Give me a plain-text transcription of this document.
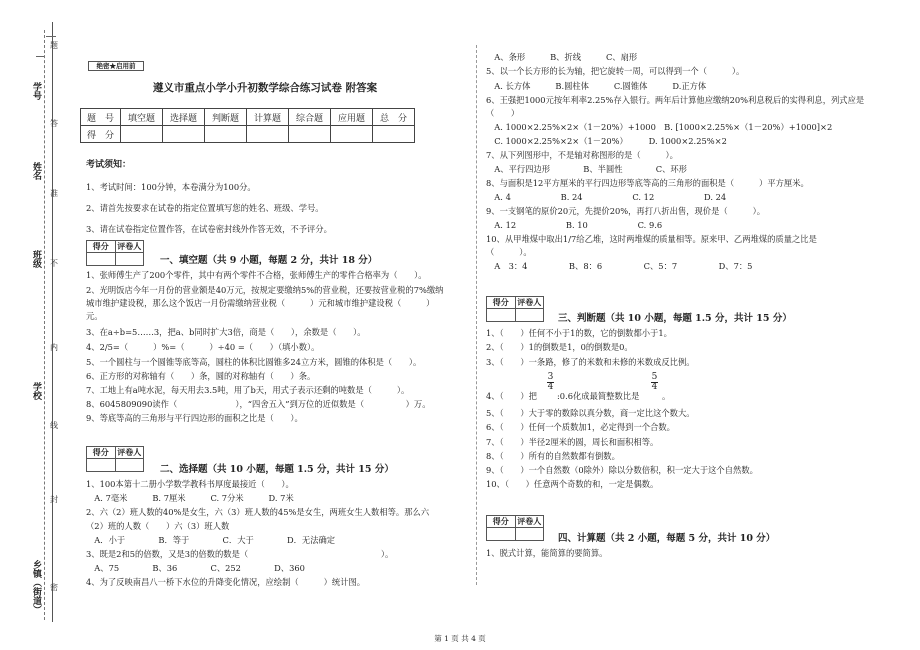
学号
姓名
班级
学校
乡镇（街道）
题
答
准
不
内
线
封
密
绝密★启用前
遵义市重点小学小升初数学综合练习试卷 附答案
题　号	填空题	选择题	判断题	计算题	综合题	应用题	总　分
得　分							
考试须知：
1、考试时间：100分钟，本卷满分为100分。
2、请首先按要求在试卷的指定位置填写您的姓名、班级、学号。
3、请在试卷指定位置作答，在试卷密封线外作答无效，不予评分。
得分	评卷人
一、填空题（共 9 小题，每题 2 分，共计 18 分）
1、张师傅生产了200个零件，其中有两个零件不合格，张师傅生产的零件合格率为（　　）。
2、光明饭店今年一月份的营业额是40万元，按规定要缴纳5%的营业税，还要按营业税的7%缴纳
城市维护建设税，那么这个饭店一月份需缴纳营业税（　　　）元和城市维护建设税（　　　）
元。
3、在a÷b=5……3，把a、b同时扩大3倍，商是（　　），余数是（　　）。
4、2/5=（　　　）%=（　　　）÷40 =（　　）（填小数）。
5、一个圆柱与一个圆锥等底等高，圆柱的体积比圆锥多24立方米，圆锥的体积是（　　）。
6、正方形的对称轴有（　　）条，圆的对称轴有（　　）条。
7、工地上有a吨水泥，每天用去3.5吨，用了b天，用式子表示还剩的吨数是（　　　）。
8、6045809090读作（　　　　　　　），“四舍五入”到万位的近似数是（　　　　　）万。
9、等底等高的三角形与平行四边形的面积之比是（　　）。
得分	评卷人
二、选择题（共 10 小题，每题 1.5 分，共计 15 分）
1、100本第十二册小学数学教科书厚度最接近（　　）。
　A. 7毫米　　　B. 7厘米　　　C. 7分米　　　D. 7米
2、六（2）班人数的40%是女生，六（3）班人数的45%是女生，两班女生人数相等。那么六
（2）班的人数（　　）六（3）班人数
　A．小于　　　　B．等于　　　　C．大于　　　　D．无法确定
3、既是2和5的倍数，又是3的倍数的数是（　　　　　　　　　　　　　　　　）。
　A、75　　　　B、36　　　　C、252　　　　D、360
4、为了反映南昌八一桥下水位的升降变化情况，应绘制（　　　）统计图。
　A、条形　　　B、折线　　　C、扇形
5、以一个长方形的长为轴，把它旋转一周，可以得到一个（　　　）。
　A. 长方体　　　B.圆柱体　　　C.圆锥体　　　D.正方体
6、王强把1000元按年利率2.25%存入银行。两年后计算他应缴纳20%利息税后的实得利息，列式应是
（　　）
　A. 1000×2.25%×2×（1－20%）+1000　B. [1000×2.25%×（1－20%）+1000]×2
　C. 1000×2.25%×2×（1－20%）　　　D. 1000×2.25%×2
7、从下列图形中，不是轴对称图形的是（　　　）。
　A、平行四边形　　　　B、半圆性　　　　C、环形
8、与面积是12平方厘米的平行四边形等底等高的三角形的面积是（　　　）平方厘米。
　A. 4　　　　　　B. 24　　　　　　C. 12　　　　　　D. 24
9、一支钢笔的原价20元，先提价20%，再打八折出售，现价是（　　　）。
　A. 12　　　　　　B. 10　　　　　　C. 9.6
10、从甲堆煤中取出1/7给乙堆，这时两堆煤的质量相等。原来甲、乙两堆煤的质量之比是
（　　　）。
　A　3：4　　　　　B、8：6　　　　　C、5：7　　　　　D、7：5
得分	评卷人
三、判断题（共 10 小题，每题 1.5 分，共计 15 分）
1、（　　）任何不小于1的数，它的倒数都小于1。
2、（　　）1的倒数是1，0的倒数是0。
3、（　　）一条路，修了的米数和未修的米数成反比例。
4、（　　）把
3
4
:0.6化成最简整数比是
5
4
。
5、（　　）大于零的数除以真分数，商一定比这个数大。
6、（　　）任何一个质数加1，必定得到一个合数。
7、（　　）半径2厘米的圆，周长和面积相等。
8、（　　）所有的自然数都有倒数。
9、（　　）一个自然数（0除外）除以分数倍积，积一定大于这个自然数。
10、（　　）任意两个奇数的和，一定是偶数。
得分	评卷人
四、计算题（共 2 小题，每题 5 分，共计 10 分）
1、脱式计算，能简算的要简算。
第 1 页 共 4 页
